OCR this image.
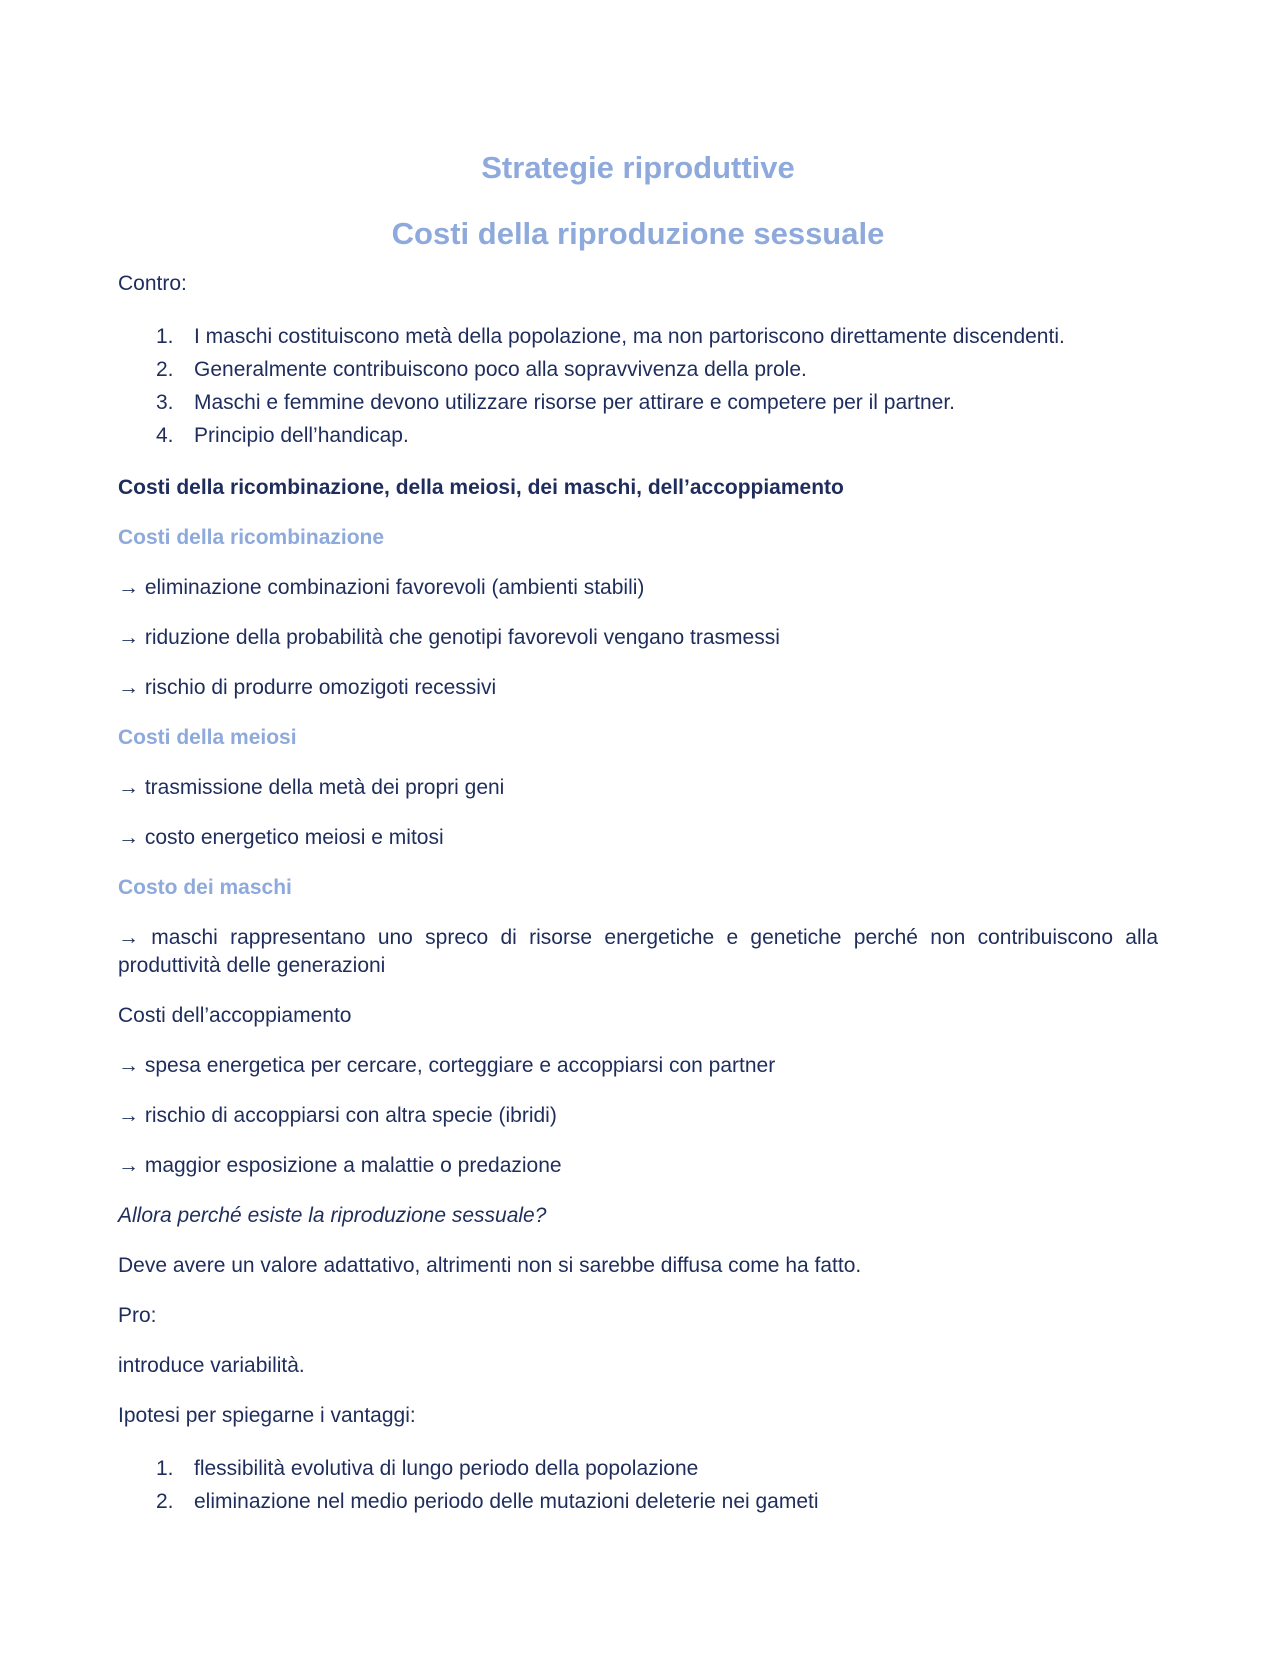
Strategie riproduttive
Costi della riproduzione sessuale

Contro:

1. I maschi costituiscono metà della popolazione, ma non partoriscono direttamente discendenti.
2. Generalmente contribuiscono poco alla sopravvivenza della prole.
3. Maschi e femmine devono utilizzare risorse per attirare e competere per il partner.
4. Principio dell’handicap.

Costi della ricombinazione, della meiosi, dei maschi, dell’accoppiamento

Costi della ricombinazione

→ eliminazione combinazioni favorevoli (ambienti stabili)

→ riduzione della probabilità che genotipi favorevoli vengano trasmessi

→ rischio di produrre omozigoti recessivi

Costi della meiosi

→ trasmissione della metà dei propri geni

→ costo energetico meiosi e mitosi

Costo dei maschi

→ maschi rappresentano uno spreco di risorse energetiche e genetiche perché non contribuiscono alla produttività delle generazioni

Costi dell’accoppiamento

→ spesa energetica per cercare, corteggiare e accoppiarsi con partner

→ rischio di accoppiarsi con altra specie (ibridi)

→ maggior esposizione a malattie o predazione

Allora perché esiste la riproduzione sessuale?

Deve avere un valore adattativo, altrimenti non si sarebbe diffusa come ha fatto.

Pro:

introduce variabilità.

Ipotesi per spiegarne i vantaggi:

1. flessibilità evolutiva di lungo periodo della popolazione
2. eliminazione nel medio periodo delle mutazioni deleterie nei gameti
